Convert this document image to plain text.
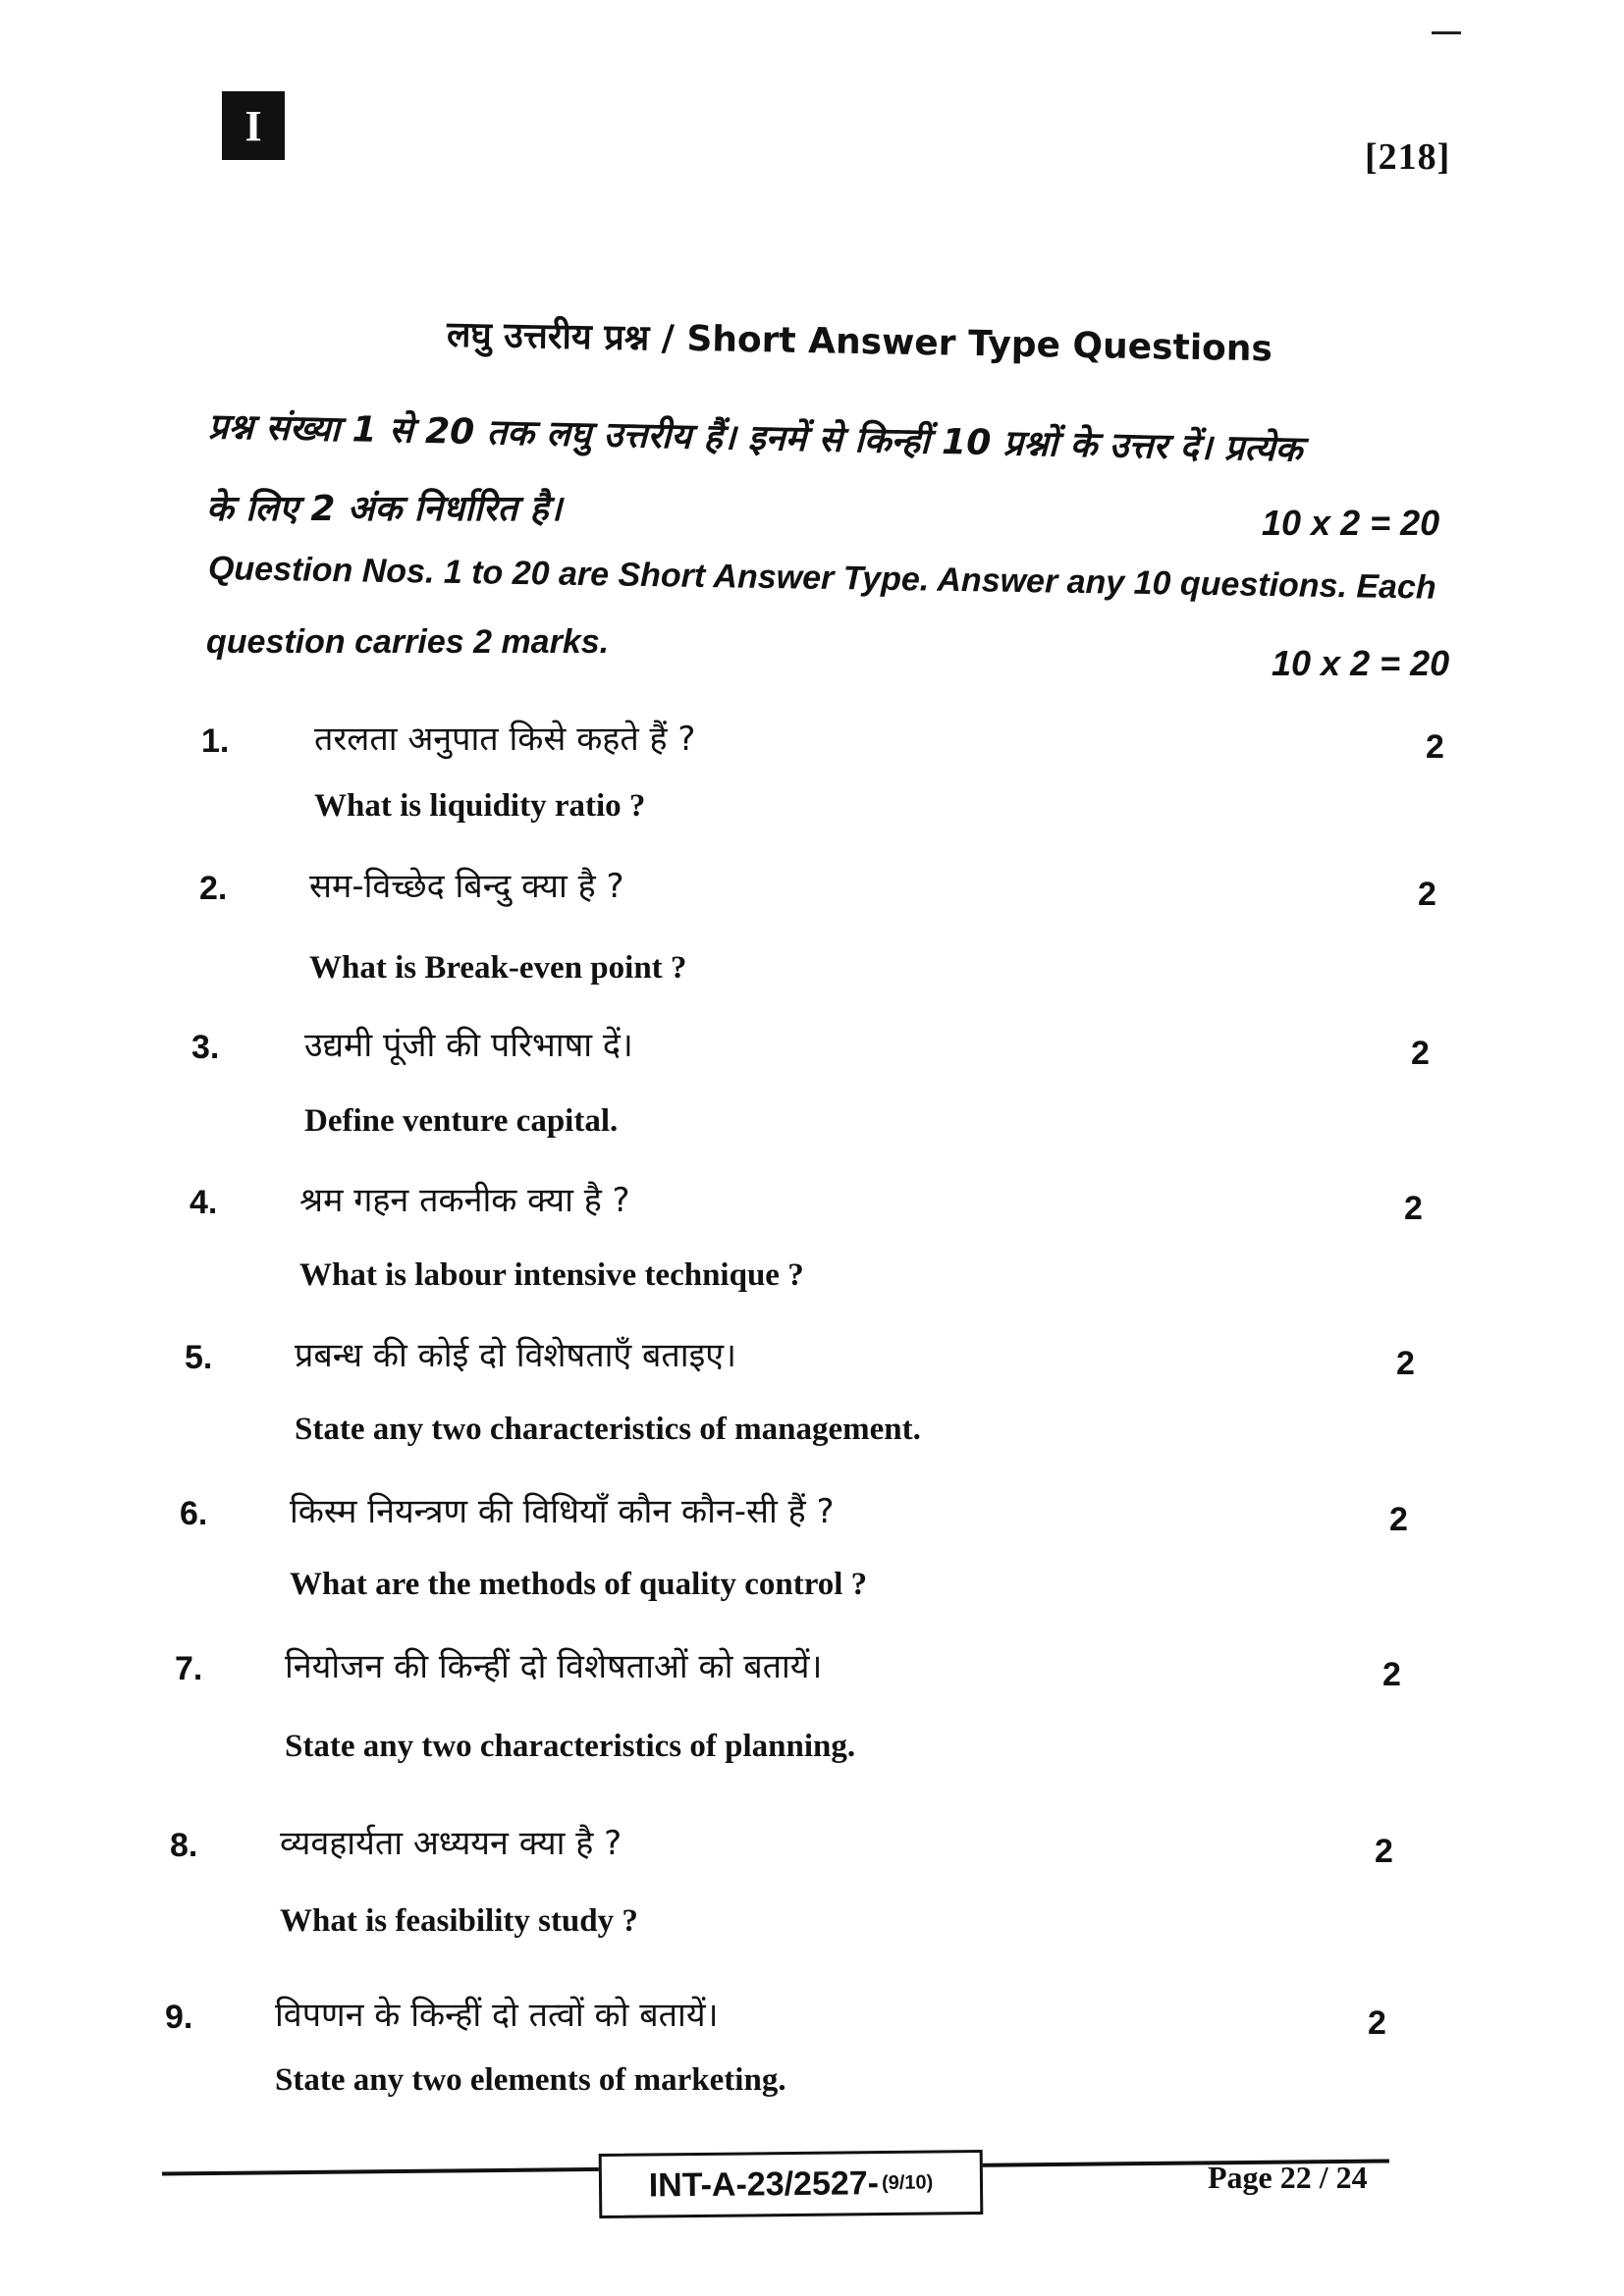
I
[218]
लघु उत्तरीय प्रश्न / Short Answer Type Questions
प्रश्न संख्या 1 से 20 तक लघु उत्तरीय हैं। इनमें से किन्हीं 10 प्रश्नों के उत्तर दें। प्रत्येक
के लिए 2 अंक निर्धारित है।	10 x 2 = 20
Question Nos. 1 to 20 are Short Answer Type. Answer any 10 questions. Each
question carries 2 marks.
10 x 2 = 20
1.	तरलता अनुपात किसे कहते हैं ?
What is liquidity ratio ?
2
2. सम-विच्छेद बिन्दु क्या है ?
What is Break-even point ?
2
3.	उद्यमी पूंजी की परिभाषा दें।
Define venture capital.
2
4. श्रम गहन तकनीक क्या है ?
What is labour intensive technique ?
2
5. प्रबन्ध की कोई दो विशेषताएँ बताइए।
State any two characteristics of management.
2
6. किस्म नियन्त्रण की विधियाँ कौन कौन-सी हैं ?
What are the methods of quality control ?
2
7. नियोजन की किन्हीं दो विशेषताओं को बतायें।
State any two characteristics of planning.
2
8. व्यवहार्यता अध्ययन क्या है ?
What is feasibility study ?
2
9. विपणन के किन्हीं दो तत्वों को बतायें।
State any two elements of marketing.
2
INT-A-23/2527- (9/10)	Page 22 / 24
